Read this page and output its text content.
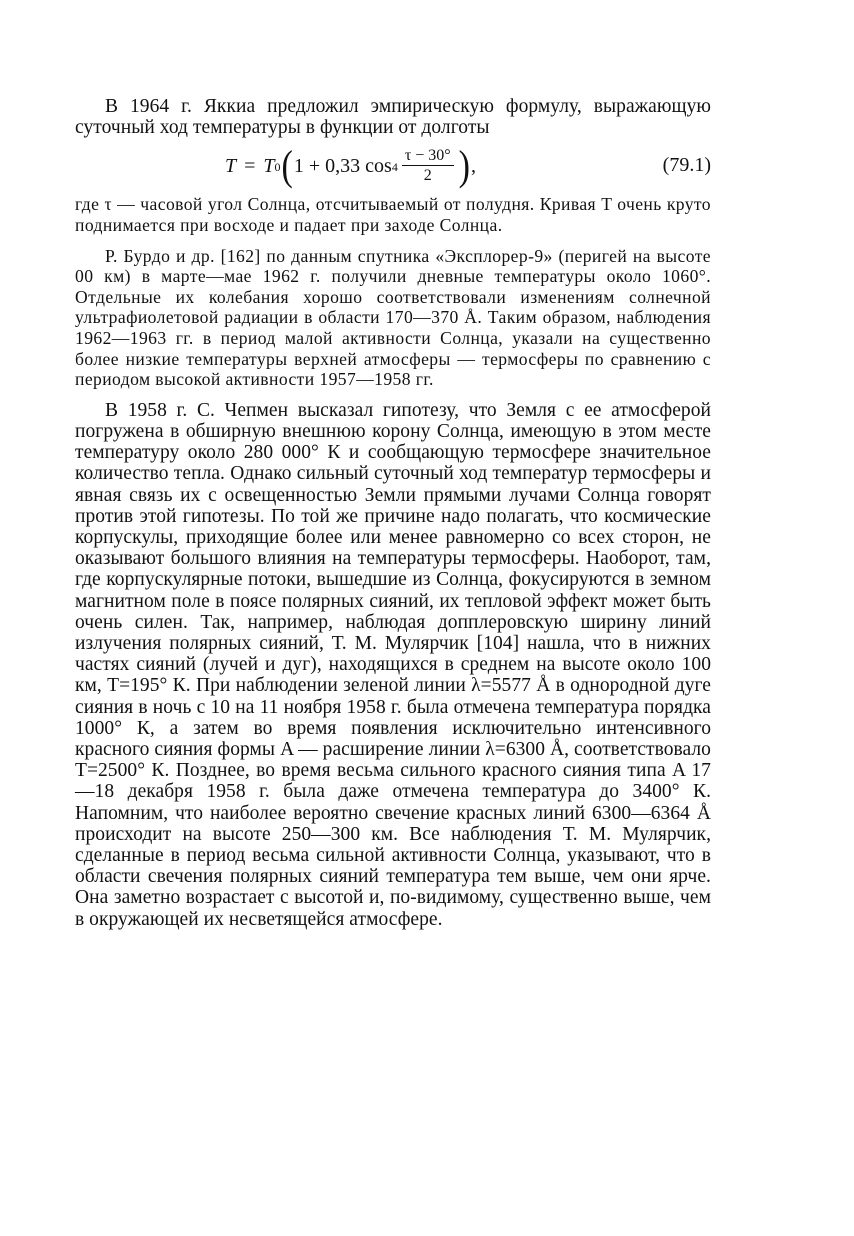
В 1964 г. Яккиа предложил эмпирическую формулу, выражающую суточный ход температуры в функции от долготы

T = T 0 ( 1 + 0,33 $\cos 4 \frac{\tau - 30^\circ}{2}$ ) ,	(79.1)

где τ — часовой угол Солнца, отсчитываемый от полудня. Кривая T очень круто поднимается при восходе и падает при заходе Солнца.

Р. Бурдо и др. [162] по данным спутника «Эксплорер-9» (перигей на высоте 00 км) в марте—мае 1962 г. получили дневные температуры около 1060°. Отдельные их колебания хорошо соответствовали изменениям солнечной ультрафиолетовой радиации в области 170—370 Å. Таким образом, наблюдения 1962—1963 гг. в период малой активности Солнца, указали на существенно более низкие температуры верхней атмосферы — термосферы по сравнению с периодом высокой активности 1957—1958 гг.

В 1958 г. С. Чепмен высказал гипотезу, что Земля с ее атмосферой погружена в обширную внешнюю корону Солнца, имеющую в этом месте температуру около 280 000° К и сообщающую термосфере значительное количество тепла. Однако сильный суточный ход температур термосферы и явная связь их с освещенностью Земли прямыми лучами Солнца говорят против этой гипотезы. По той же причине надо полагать, что космические корпускулы, приходящие более или менее равномерно со всех сторон, не оказывают большого влияния на температуры термосферы. Наоборот, там, где корпускулярные потоки, вышедшие из Солнца, фокусируются в земном магнитном поле в поясе полярных сияний, их тепловой эффект может быть очень силен. Так, например, наблюдая допплеровскую ширину линий излучения полярных сияний, Т. М. Мулярчик [104] нашла, что в нижних частях сияний (лучей и дуг), находящихся в среднем на высоте около 100 км, T=195° К. При наблюдении зеленой линии λ=5577 Å в однородной дуге сияния в ночь с 10 на 11 ноября 1958 г. была отмечена температура порядка 1000° К, а затем во время появления исключительно интенсивного красного сияния формы A — расширение линии λ=6300 Å, соответствовало T=2500° К. Позднее, во время весьма сильного красного сияния типа A 17—18 декабря 1958 г. была даже отмечена температура до 3400° К. Напомним, что наиболее вероятно свечение красных линий 6300—6364 Å происходит на высоте 250—300 км. Все наблюдения Т. М. Мулярчик, сделанные в период весьма сильной активности Солнца, указывают, что в области свечения полярных сияний температура тем выше, чем они ярче. Она заметно возрастает с высотой и, по-видимому, существенно выше, чем в окружающей их несветящейся атмосфере.
